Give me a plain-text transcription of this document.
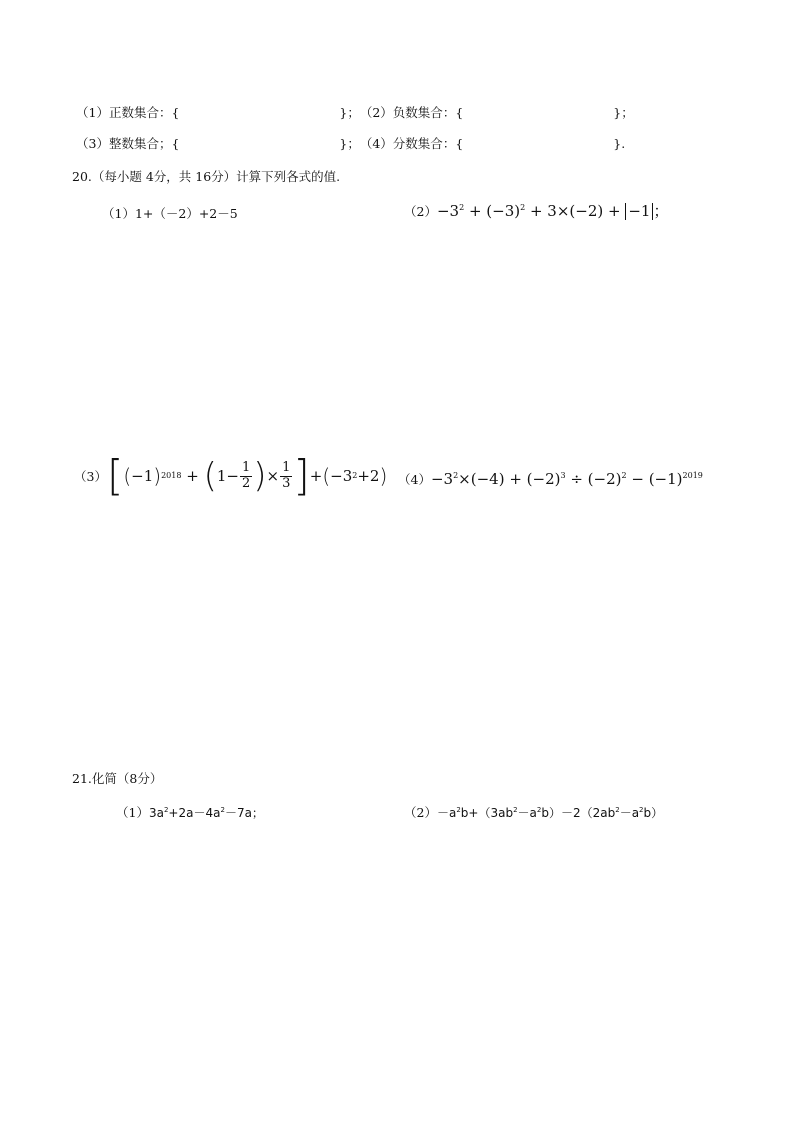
（1）正数集合：{	}； （2）负数集合：{	}；
（3）整数集合；{	}； （4）分数集合：{	}.
20.（每小题 4分，共 16分）计算下列各式的值.
（1） 1+（－2）+2－5	$(2) -3^2 + (-3)^2 + 3\times(-2) + -1$ ；
（3） [ ( −1 ) 2018 + ( $1- \frac{1}{2}$ ) × $\frac{1}{3}$ ] + ( −3 2 +2 ) $(4) -3^2\times(-4) + (-2)^3 \div (-2)^2 - (-1)^{2019}$
21.化简（8分）
（1） $3a^2+2a-4a^2-7a$；	$(2) -a^2b+(3ab^2-a^2b)-2(2ab^2-a^2b)$
